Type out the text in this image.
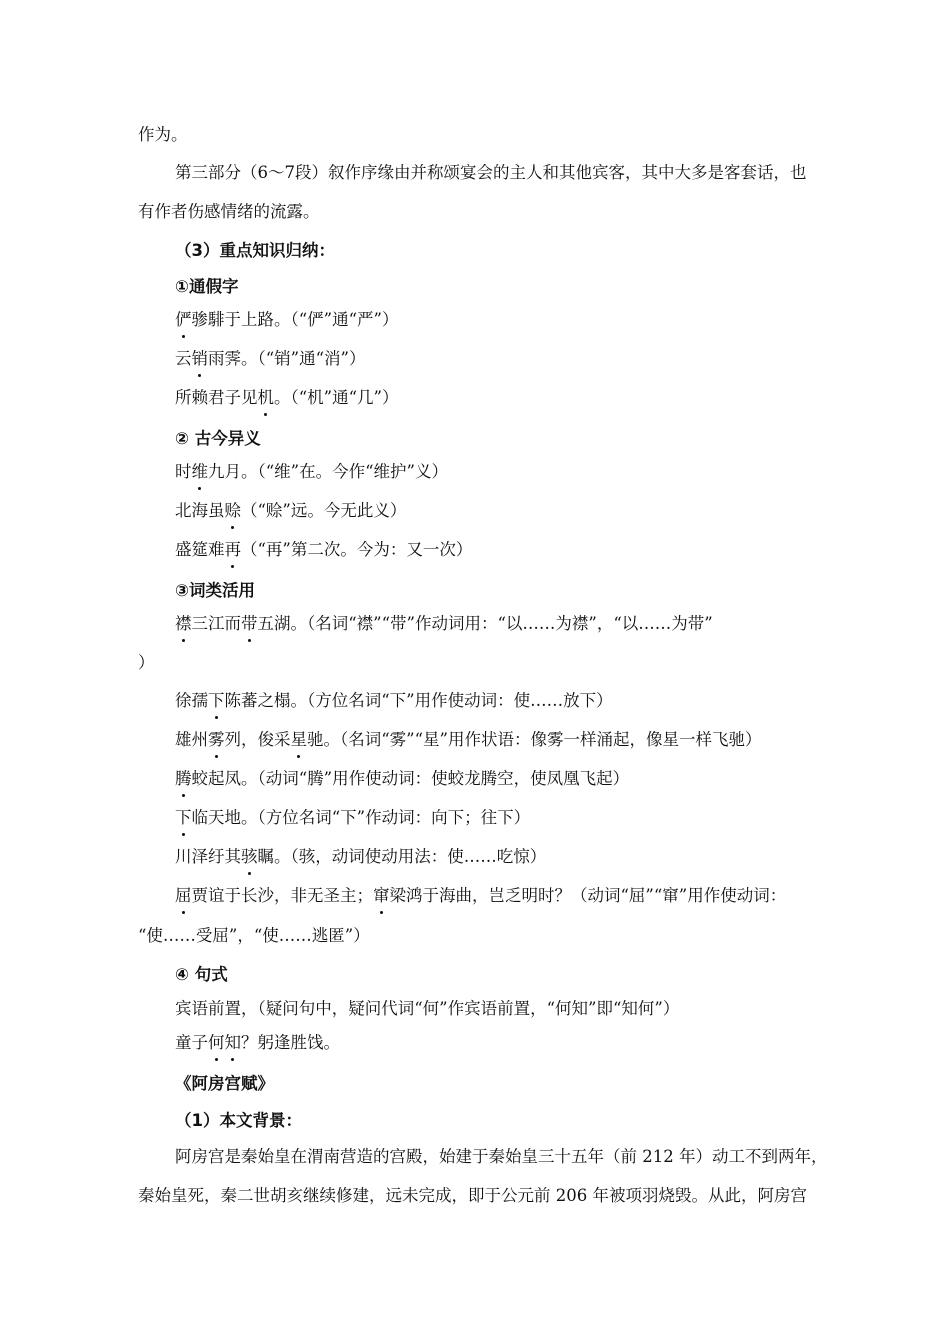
作为。
第三部分（6～7段）叙作序缘由并称颂宴会的主人和其他宾客，其中大多是客套话，也
有作者伤感情绪的流露。
（3）重点知识归纳：
①通假字
俨骖騑于上路。（“俨”通“严”）
云销雨霁。（“销”通“消”）
所赖君子见机。（“机”通“几”）
② 古今异义
时维九月。（“维”在。今作“维护”义）
北海虽赊（“赊”远。今无此义）
盛筵难再（“再”第二次。今为：又一次）
③词类活用
襟三江而带五湖。（名词“襟”“带”作动词用：“以……为襟”，“以……为带”
）
徐孺下陈蕃之榻。（方位名词“下”用作使动词：使……放下）
雄州雾列，俊采星驰。（名词“雾”“星”用作状语：像雾一样涌起，像星一样飞驰）
腾蛟起凤。（动词“腾”用作使动词：使蛟龙腾空，使凤凰飞起）
下临天地。（方位名词“下”作动词：向下；往下）
川泽纡其骇瞩。（骇，动词使动用法：使……吃惊）
屈贾谊于长沙，非无圣主；窜梁鸿于海曲，岂乏明时？（动词“屈”“窜”用作使动词：
“使……受屈”，“使……逃匿”）
④ 句式
宾语前置，（疑问句中，疑问代词“何”作宾语前置，“何知”即“知何”）
童子何知？躬逢胜饯。
《阿房宫赋》
（1）本文背景：
阿房宫是秦始皇在渭南营造的宫殿，始建于秦始皇三十五年（前 212 年）动工不到两年，
秦始皇死，秦二世胡亥继续修建，远未完成，即于公元前 206 年被项羽烧毁。从此，阿房宫
